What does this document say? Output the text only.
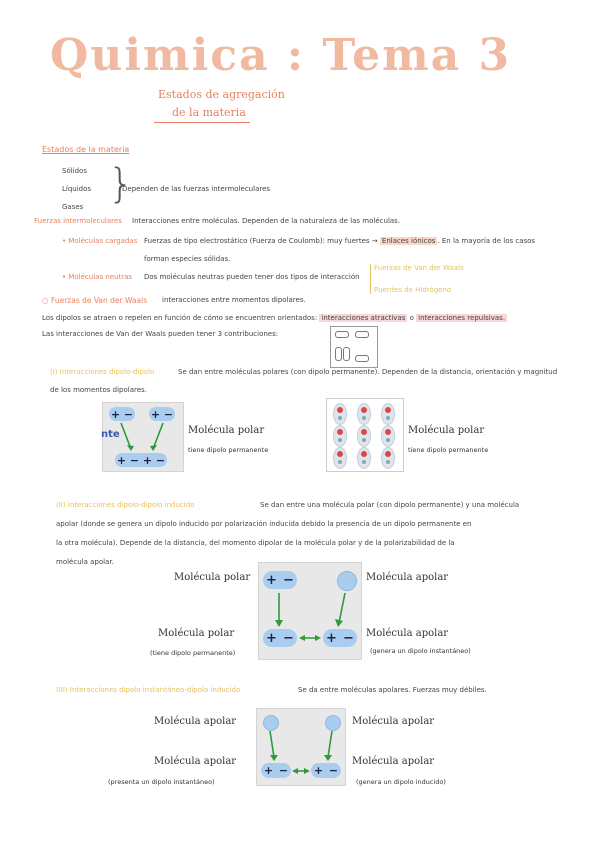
Quimica : Tema 3
Estados de agregación
de la materia
Estados de la materia
Sólidos
Líquidos
Gases }
Dependen de las fuerzas intermoleculares
Fuerzas intermoleculares Interacciones entre moléculas. Dependen de la naturaleza de las moléculas.
• Moléculas cargadas Fuerzas de tipo electrostático (Fuerza de Coulomb): muy fuertes → Enlaces iónicos . En la mayoría de los casos
forman especies sólidas.
• Moléculas neutras Dos moléculas neutras pueden tener dos tipos de interacción
Fuerzas de Van der Waals
Puentes de Hidrógeno
○ Fuerzas de Van der Waals interacciones entre momentos dipolares.
Los dipolos se atraen o repelen en función de cómo se encuentren orientados: interacciones atractivas o interacciones repulsivas.
Las interacciones de Van der Waals pueden tener 3 contribuciones:
(I) Interacciones dipolo-dipolo	Se dan entre moléculas polares (con dipolo permanente). Dependen de la distancia, orientación y magnitud
de los momentos dipolares.
+ − + −
nte
+ − + −
Molécula polar
tiene dipolo permanente
Molécula polar
tiene dipolo permanente
(II) Interacciones dipolo-dipolo inducido	Se dan entre una molécula polar (con dipolo permanente) y una molécula
apolar (donde se genera un dipolo inducido por polarización inducida debido la presencia de un dipolo permanente en
la otra molécula). Depende de la distancia, del momento dipolar de la molécula polar y de la polarizabilidad de la
molécula apolar.
Molécula polar	Molécula apolar
+ −
+ − + −
Molécula polar
(tiene dipolo permanente)
Molécula apolar
(genera un dipolo instantáneo)
(III) Interacciones dipolo instantáneo-dipolo inducido	Se da entre moléculas apolares. Fuerzas muy débiles.
Molécula apolar	Molécula apolar
+ − + −
Molécula apolar
(presenta un dipolo instantáneo)
Molécula apolar
(genera un dipolo inducido)
